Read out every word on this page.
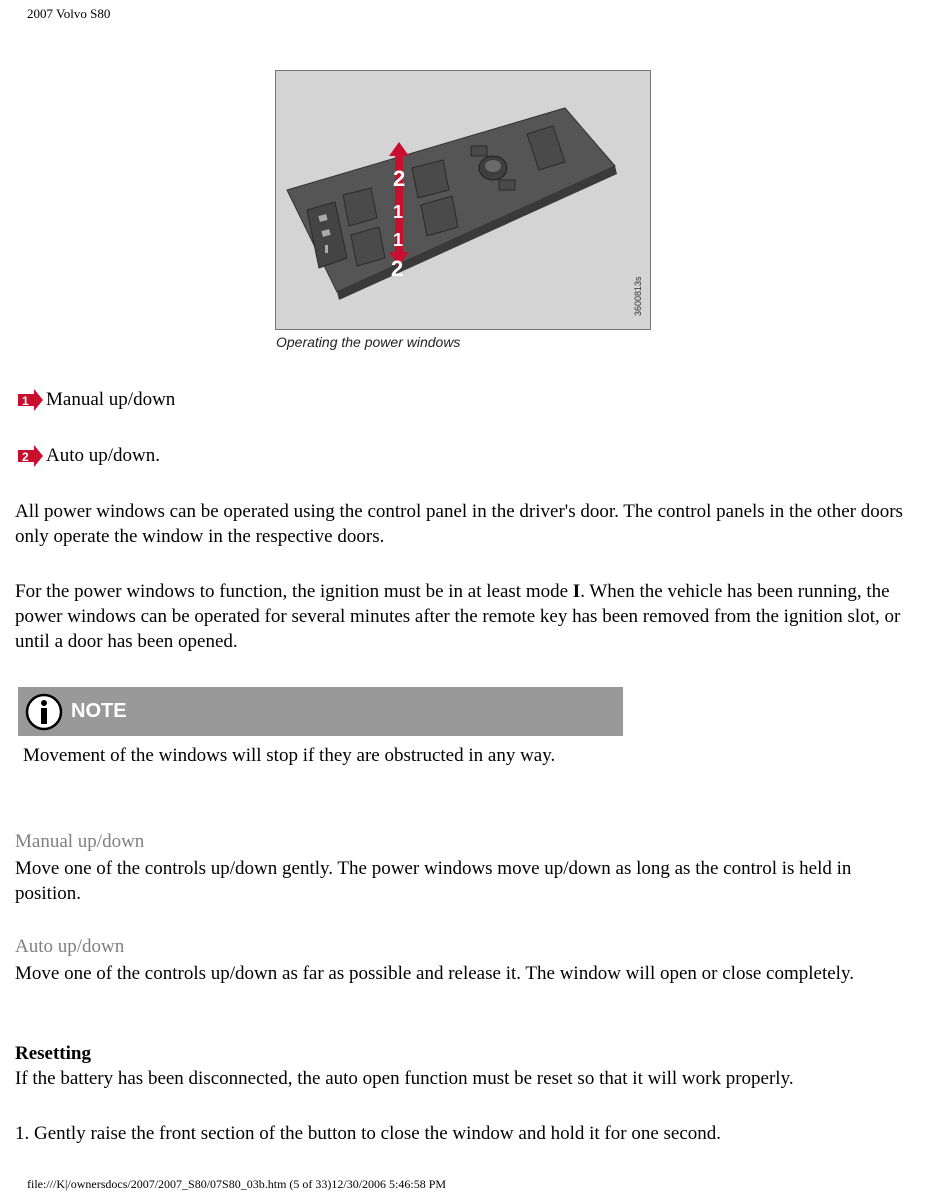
2007 Volvo S80
2
1
1
2
3600813s
Operating the power windows
1 Manual up/down
2 Auto up/down.
All power windows can be operated using the control panel in the driver's door. The control panels in the other doors only operate the window in the respective doors.
For the power windows to function, the ignition must be in at least mode I. When the vehicle has been running, the power windows can be operated for several minutes after the remote key has been removed from the ignition slot, or until a door has been opened.
NOTE
Movement of the windows will stop if they are obstructed in any way.
Manual up/down
Move one of the controls up/down gently. The power windows move up/down as long as the control is held in position.
Auto up/down
Move one of the controls up/down as far as possible and release it. The window will open or close completely.
Resetting
If the battery has been disconnected, the auto open function must be reset so that it will work properly.
1. Gently raise the front section of the button to close the window and hold it for one second.
file:///K|/ownersdocs/2007/2007_S80/07S80_03b.htm (5 of 33)12/30/2006 5:46:58 PM
